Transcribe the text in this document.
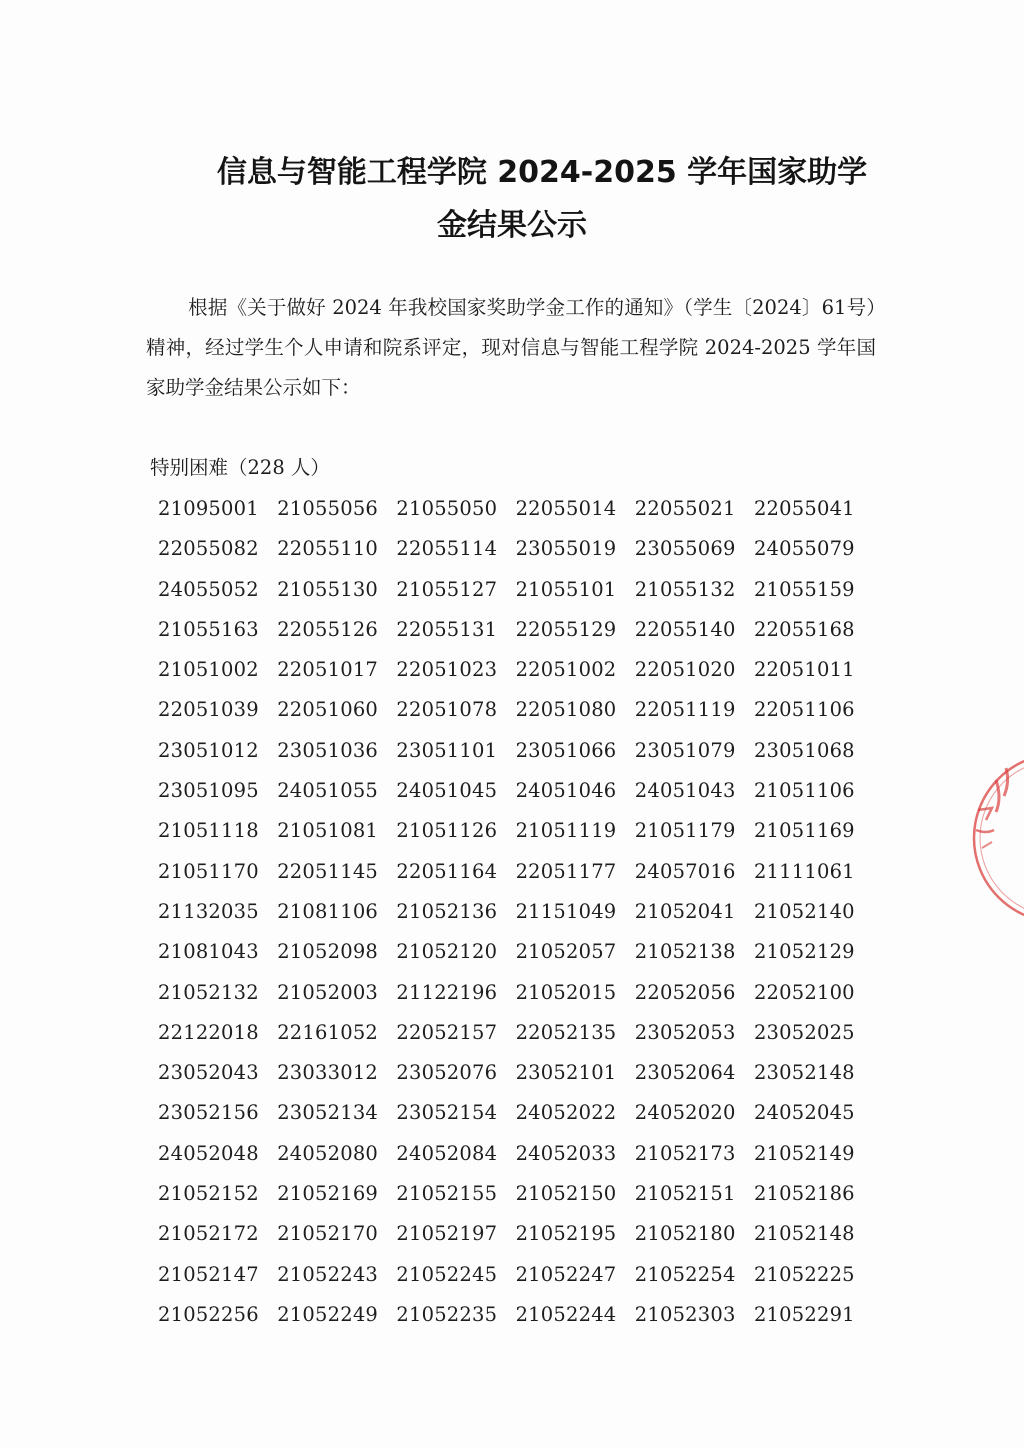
信息与智能工程学院 2024-2025 学年国家助学
金结果公示
根据《关于做好 2024 年我校国家奖助学金工作的通知》（学生〔2024〕61号）精神，经过学生个人申请和院系评定，现对信息与智能工程学院 2024-2025 学年国家助学金结果公示如下：
特别困难（228 人）
21095001 21055056 21055050 22055014 22055021 22055041
22055082 22055110 22055114 23055019 23055069 24055079
24055052 21055130 21055127 21055101 21055132 21055159
21055163 22055126 22055131 22055129 22055140 22055168
21051002 22051017 22051023 22051002 22051020 22051011
22051039 22051060 22051078 22051080 22051119 22051106
23051012 23051036 23051101 23051066 23051079 23051068
23051095 24051055 24051045 24051046 24051043 21051106
21051118 21051081 21051126 21051119 21051179 21051169
21051170 22051145 22051164 22051177 24057016 21111061
21132035 21081106 21052136 21151049 21052041 21052140
21081043 21052098 21052120 21052057 21052138 21052129
21052132 21052003 21122196 21052015 22052056 22052100
22122018 22161052 22052157 22052135 23052053 23052025
23052043 23033012 23052076 23052101 23052064 23052148
23052156 23052134 23052154 24052022 24052020 24052045
24052048 24052080 24052084 24052033 21052173 21052149
21052152 21052169 21052155 21052150 21052151 21052186
21052172 21052170 21052197 21052195 21052180 21052148
21052147 21052243 21052245 21052247 21052254 21052225
21052256 21052249 21052235 21052244 21052303 21052291
